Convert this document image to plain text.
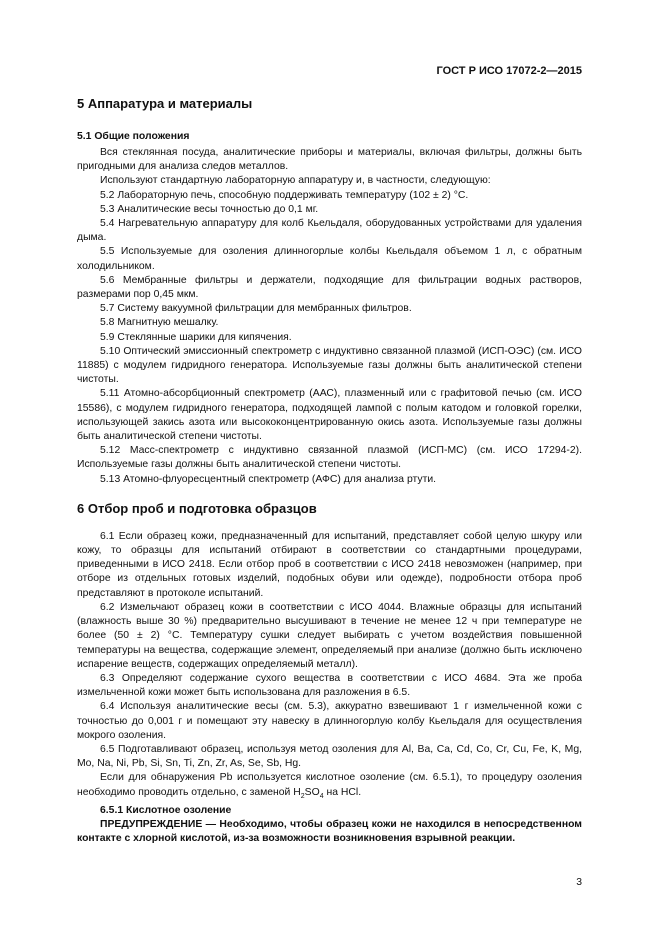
ГОСТ Р ИСО 17072-2—2015
5 Аппаратура и материалы
5.1 Общие положения

Вся стеклянная посуда, аналитические приборы и материалы, включая фильтры, должны быть пригодными для анализа следов металлов.

Используют стандартную лабораторную аппаратуру и, в частности, следующую:

5.2 Лабораторную печь, способную поддерживать температуру (102 ± 2) °С.

5.3 Аналитические весы точностью до 0,1 мг.

5.4 Нагревательную аппаратуру для колб Кьельдаля, оборудованных устройствами для удаления дыма.

5.5 Используемые для озоления длинногорлые колбы Кьельдаля объемом 1 л, с обратным холодильником.

5.6 Мембранные фильтры и держатели, подходящие для фильтрации водных растворов, размерами пор 0,45 мкм.

5.7 Систему вакуумной фильтрации для мембранных фильтров.

5.8 Магнитную мешалку.

5.9 Стеклянные шарики для кипячения.

5.10 Оптический эмиссионный спектрометр с индуктивно связанной плазмой (ИСП-ОЭС) (см. ИСО 11885) с модулем гидридного генератора. Используемые газы должны быть аналитической степени чистоты.

5.11 Атомно-абсорбционный спектрометр (ААС), плазменный или с графитовой печью (см. ИСО 15586), с модулем гидридного генератора, подходящей лампой с полым катодом и головкой горелки, использующей закись азота или высококонцентрированную окись азота. Используемые газы должны быть аналитической степени чистоты.

5.12 Масс-спектрометр с индуктивно связанной плазмой (ИСП-МС) (см. ИСО 17294-2). Используемые газы должны быть аналитической степени чистоты.

5.13 Атомно-флуоресцентный спектрометр (АФС) для анализа ртути.

6 Отбор проб и подготовка образцов

6.1 Если образец кожи, предназначенный для испытаний, представляет собой целую шкуру или кожу, то образцы для испытаний отбирают в соответствии со стандартными процедурами, приведенными в ИСО 2418. Если отбор проб в соответствии с ИСО 2418 невозможен (например, при отборе из отдельных готовых изделий, подобных обуви или одежде), подробности отбора проб представляют в протоколе испытаний.

6.2 Измельчают образец кожи в соответствии с ИСО 4044. Влажные образцы для испытаний (влажность выше 30 %) предварительно высушивают в течение не менее 12 ч при температуре не более (50 ± 2) °С. Температуру сушки следует выбирать с учетом воздействия повышенной температуры на вещества, содержащие элемент, определяемый при анализе (должно быть исключено испарение веществ, содержащих определяемый металл).

6.3 Определяют содержание сухого вещества в соответствии с ИСО 4684. Эта же проба измельченной кожи может быть использована для разложения в 6.5.

6.4 Используя аналитические весы (см. 5.3), аккуратно взвешивают 1 г измельченной кожи с точностью до 0,001 г и помещают эту навеску в длинногорлую колбу Кьельдаля для осуществления мокрого озоления.

6.5 Подготавливают образец, используя метод озоления для Al, Ba, Ca, Cd, Co, Cr, Cu, Fe, K, Mg, Mo, Na, Ni, Pb, Si, Sn, Ti, Zn, Zr, As, Se, Sb, Hg.

Если для обнаружения Pb используется кислотное озоление (см. 6.5.1), то процедуру озоления необходимо проводить отдельно, с заменой $H_2SO_4$ на HCl.

6.5.1 Кислотное озоление

ПРЕДУПРЕЖДЕНИЕ — Необходимо, чтобы образец кожи не находился в непосредственном контакте с хлорной кислотой, из-за возможности возникновения взрывной реакции.

3
